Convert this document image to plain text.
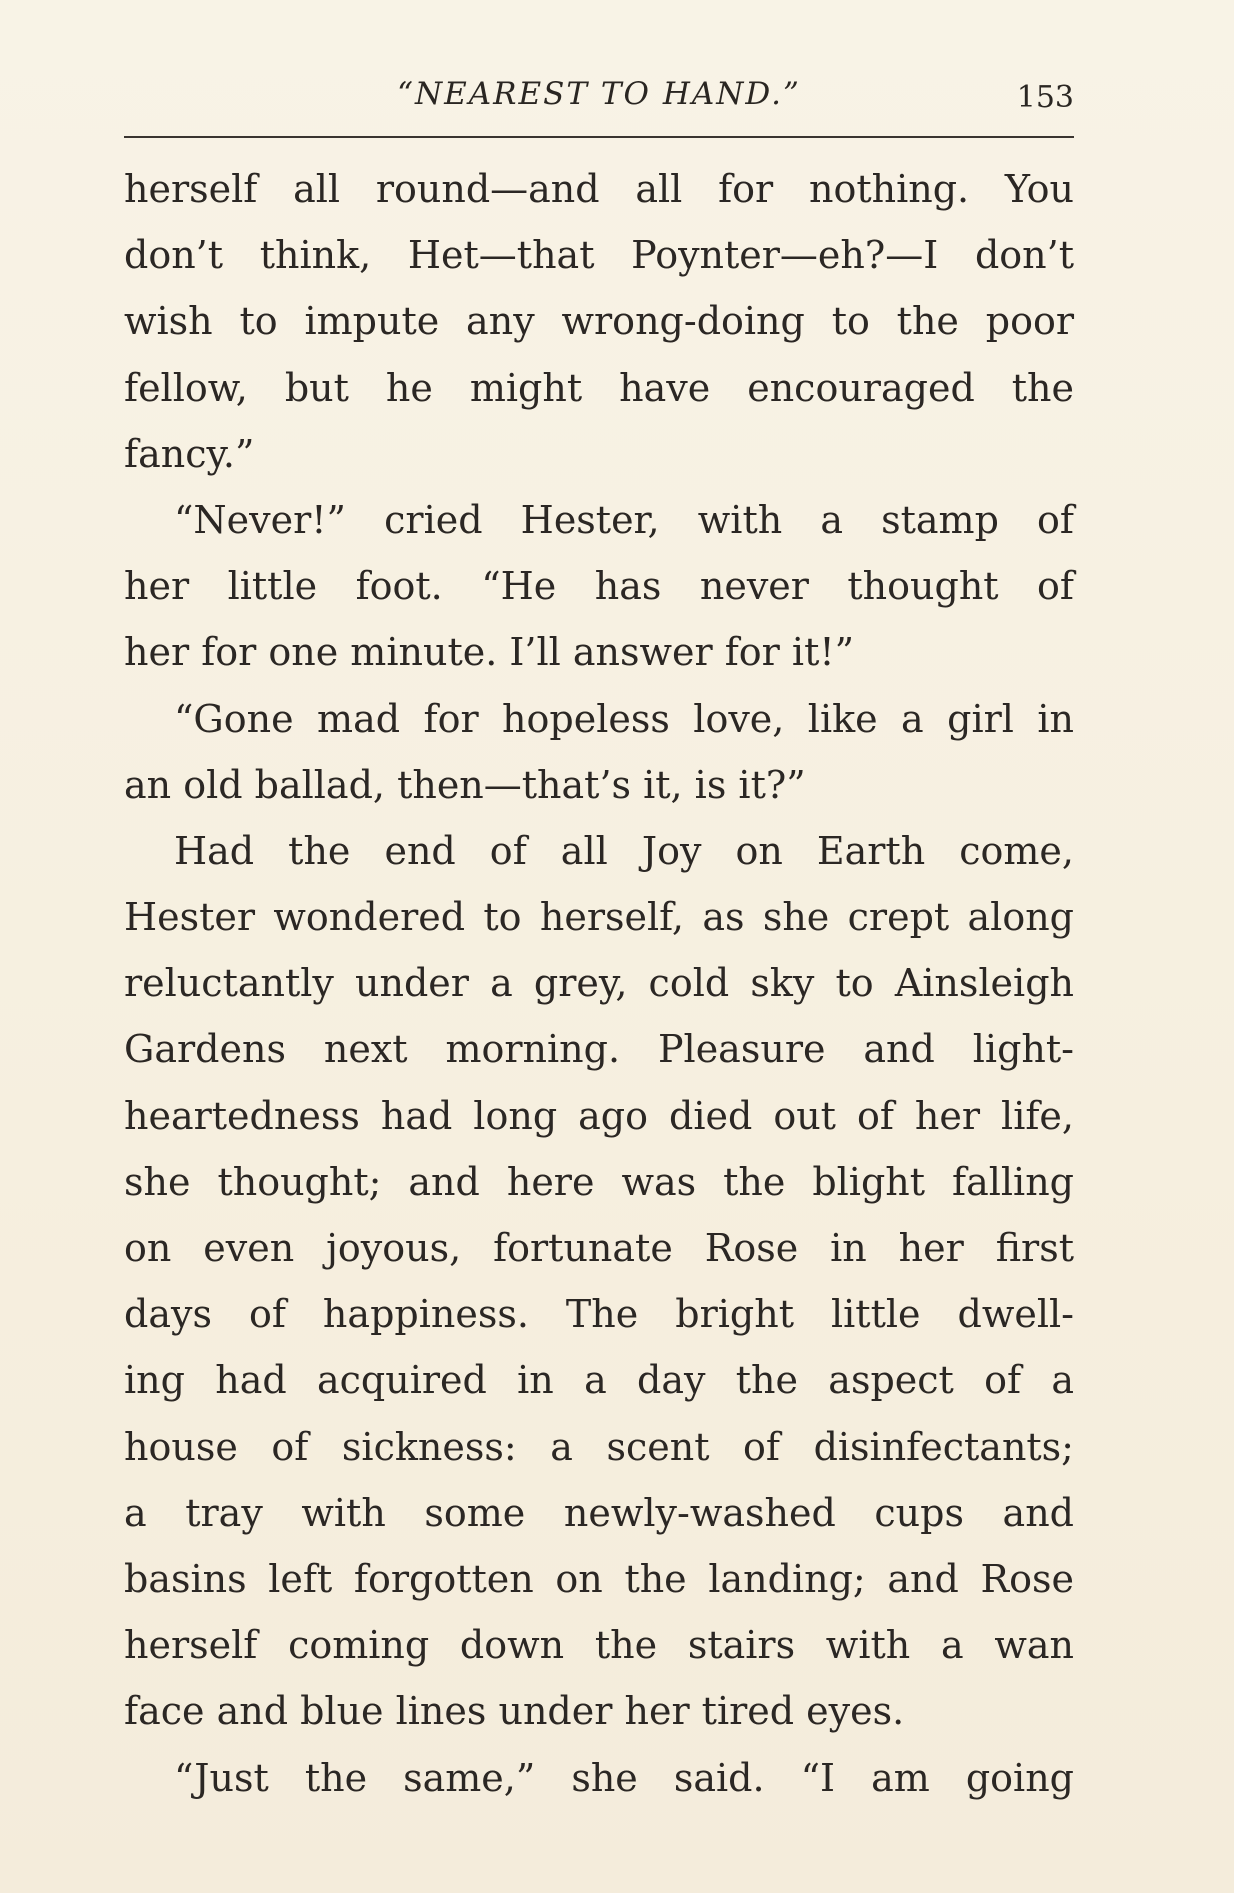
“NEAREST TO HAND.”	153
herself all round—and all for nothing. You
don’t think, Het—that Poynter—eh?—I don’t
wish to impute any wrong-doing to the poor
fellow, but he might have encouraged the
fancy.”
“Never!” cried Hester, with a stamp of
her little foot. “He has never thought of
her for one minute. I’ll answer for it!”
“Gone mad for hopeless love, like a girl in
an old ballad, then—that’s it, is it?”
Had the end of all Joy on Earth come,
Hester wondered to herself, as she crept along
reluctantly under a grey, cold sky to Ainsleigh
Gardens next morning. Pleasure and light-
heartedness had long ago died out of her life,
she thought; and here was the blight falling
on even joyous, fortunate Rose in her first
days of happiness. The bright little dwell-
ing had acquired in a day the aspect of a
house of sickness: a scent of disinfectants;
a tray with some newly-washed cups and
basins left forgotten on the landing; and Rose
herself coming down the stairs with a wan
face and blue lines under her tired eyes.
“Just the same,” she said. “I am going
